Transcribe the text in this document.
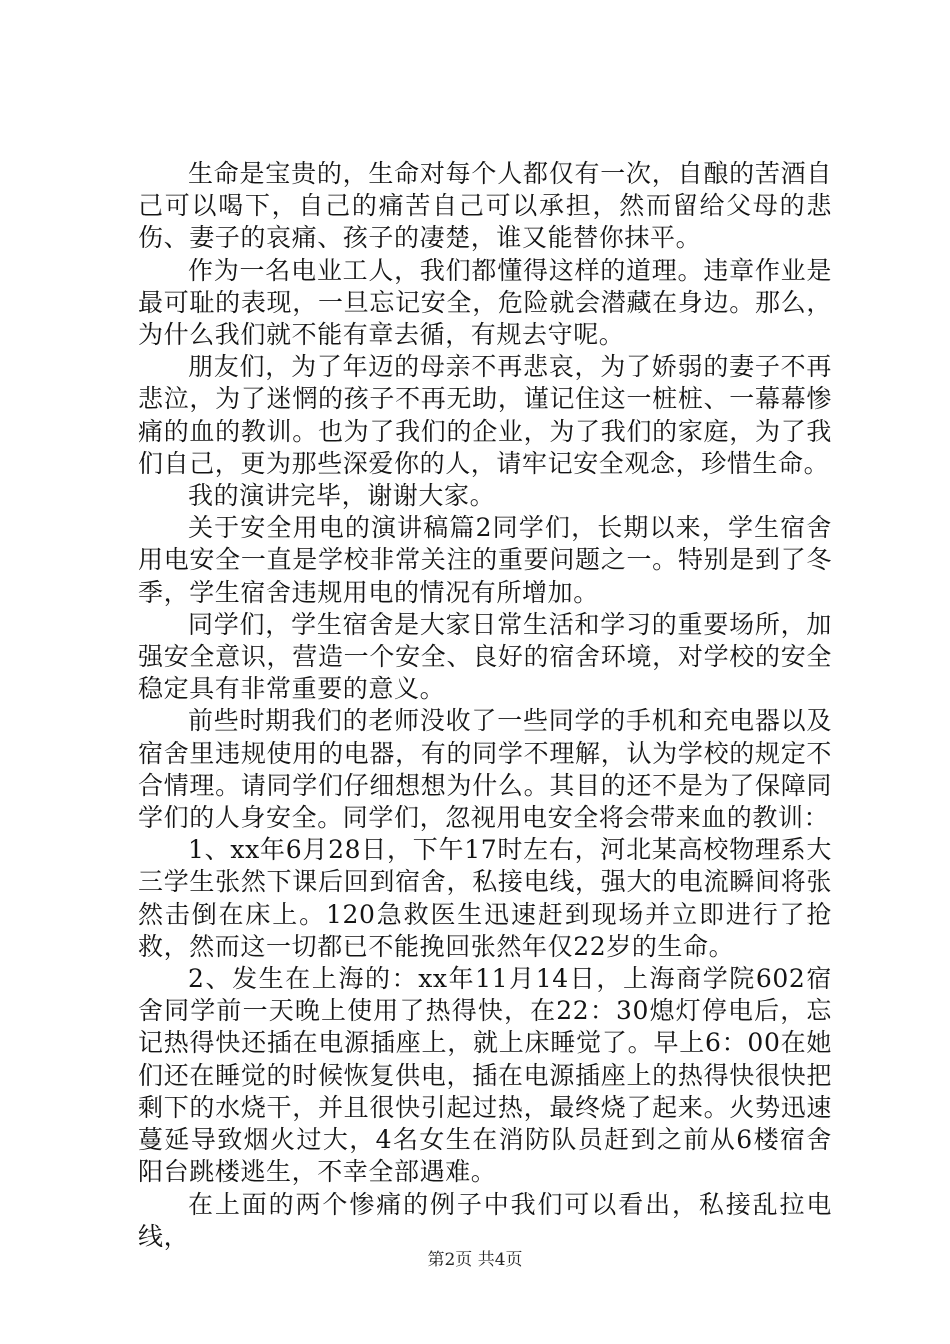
生命是宝贵的，生命对每个人都仅有一次，自酿的苦酒自己可以喝下，自己的痛苦自己可以承担，然而留给父母的悲伤、妻子的哀痛、孩子的凄楚，谁又能替你抹平。

作为一名电业工人，我们都懂得这样的道理。违章作业是最可耻的表现，一旦忘记安全，危险就会潜藏在身边。那么，为什么我们就不能有章去循，有规去守呢。

朋友们，为了年迈的母亲不再悲哀，为了娇弱的妻子不再悲泣，为了迷惘的孩子不再无助，谨记住这一桩桩、一幕幕惨痛的血的教训。也为了我们的企业，为了我们的家庭，为了我们自己，更为那些深爱你的人，请牢记安全观念，珍惜生命。

我的演讲完毕，谢谢大家。

关于安全用电的演讲稿篇2同学们，长期以来，学生宿舍用电安全一直是学校非常关注的重要问题之一。特别是到了冬季，学生宿舍违规用电的情况有所增加。

同学们，学生宿舍是大家日常生活和学习的重要场所，加强安全意识，营造一个安全、良好的宿舍环境，对学校的安全稳定具有非常重要的意义。

前些时期我们的老师没收了一些同学的手机和充电器以及宿舍里违规使用的电器，有的同学不理解，认为学校的规定不合情理。请同学们仔细想想为什么。其目的还不是为了保障同学们的人身安全。同学们，忽视用电安全将会带来血的教训：

1、xx年6月28日，下午17时左右，河北某高校物理系大三学生张然下课后回到宿舍，私接电线，强大的电流瞬间将张然击倒在床上。120急救医生迅速赶到现场并立即进行了抢救，然而这一切都已不能挽回张然年仅22岁的生命。

2、发生在上海的：xx年11月14日，上海商学院602宿舍同学前一天晚上使用了热得快，在22：30熄灯停电后，忘记热得快还插在电源插座上，就上床睡觉了。早上6：00在她们还在睡觉的时候恢复供电，插在电源插座上的热得快很快把剩下的水烧干，并且很快引起过热，最终烧了起来。火势迅速蔓延导致烟火过大，4名女生在消防队员赶到之前从6楼宿舍阳台跳楼逃生，不幸全部遇难。

在上面的两个惨痛的例子中我们可以看出，私接乱拉电线，

第2页 共4页
